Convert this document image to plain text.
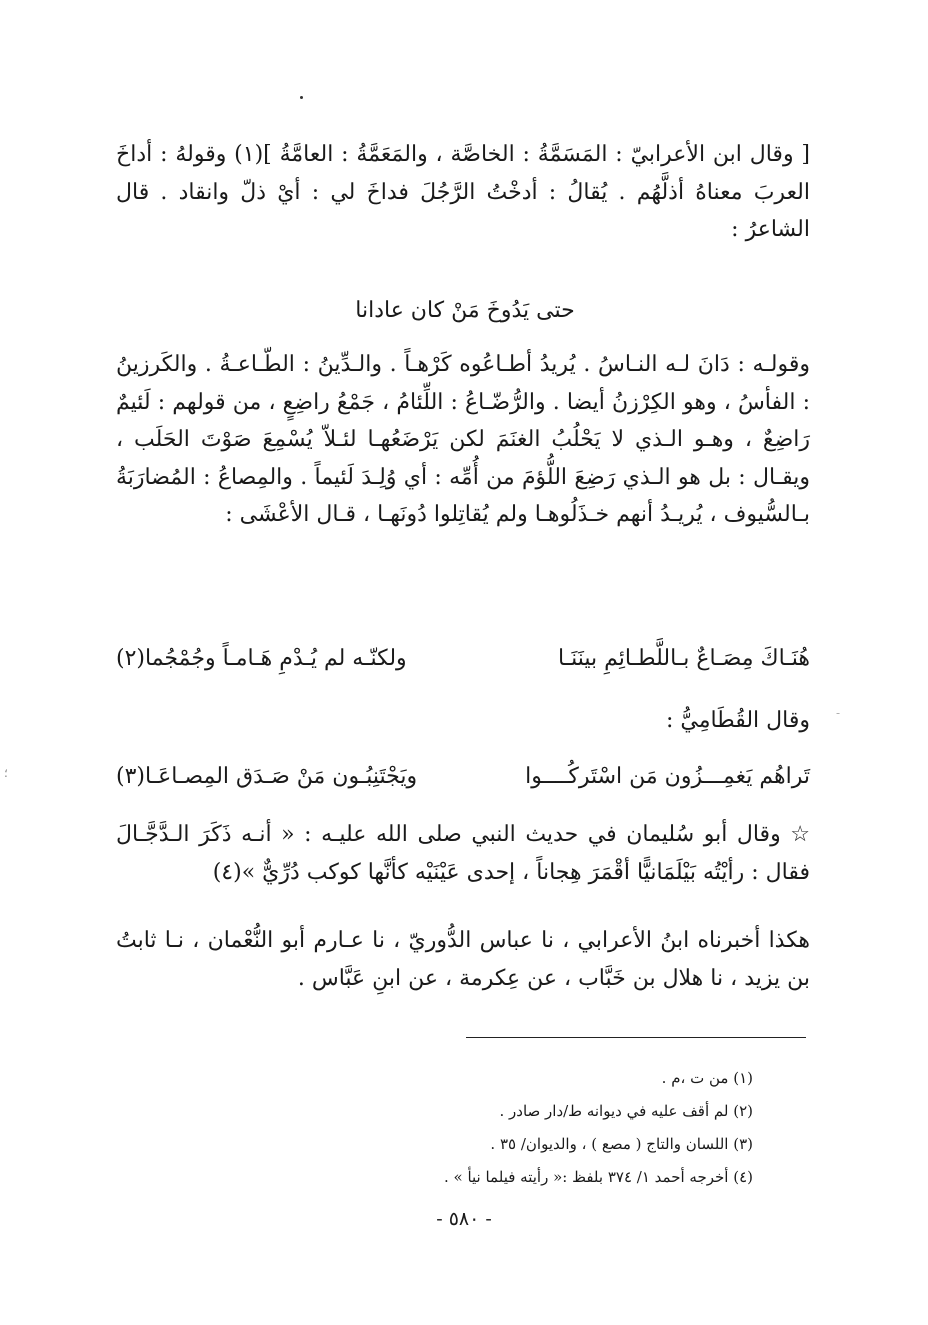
[ وقال ابن الأعرابيّ : المَسَمَّةُ : الخاصَّة ، والمَعَمَّةُ : العامَّةُ ](١) وقولهُ : أداخَ العربَ معناهُ أذلَّهُم . يُقالُ : أدخْتُ الرَّجُلَ فداخَ لي : أيْ ذلّ وانقاد . قال الشاعرُ :

حتى يَدُوخَ مَنْ كان عادانا

وقولـه : دَانَ لـه النـاسُ . يُريدُ أطـاعُوه كَرْهـاً . والـدِّينُ : الطّـاعـةُ . والكَرزينُ : الفأسُ ، وهو الكِرْزنُ أيضا . والرُّضّـاعُ : اللِّئامُ ، جَمْعُ راضِعٍ ، من قولهم : لَئيمٌ رَاضِعٌ ، وهـو الـذي لا يَحْلُبُ الغنَمَ لكن يَرْضَعُهـا لئـلاّ يُسْمِعَ صَوْتَ الحَلَب ، ويقـال : بل هو الـذي رَضِعَ اللُّؤمَ من أُمِّه : أي وُلِـدَ لَئيماً . والمِصاعُ : المُضارَبَةُ بـالسُّيوف ، يُريـدُ أنهم خـذَلُوهـا ولم يُقاتِلوا دُونَهـا ، قـال الأعْشَى :

هُنَـاكَ مِصَـاعٌ بـاللَّطـائِمِ بينَنَـا
ولكنّـه لم يُـدْمِ هَـامـاً وجُمْجُما(٢)
وقال القُطَامِيُّ :
تَراهُم يَغمِـــزُون مَن اسْتَركُــــوا
ويَجْتَنِبُـون مَنْ صَـدَق المِصـاعَـا(٣)

☆ وقال أبو سُليمان في حديث النبي صلى الله عليـه : « أنـه ذَكَرَ الـدَّجَّـالَ فقال : رأيْتُه بَيْلَمَانيًّا أقْمَرَ هِجاناً ، إحدى عَيْنَيْه كأنَّها كوكب دُرِّيٌّ »(٤)

هكذا أخبرناه ابنُ الأعرابي ، نا عباس الدُّوريّ ، نا عـارم أبو النُّعْمان ، نـا ثابتُ بن يزيد ، نا هلال بن خَبَّاب ، عن عِكرمة ، عن ابنِ عَبَّاس .

(١) من ت ،م .
(٢) لم أقف عليه في ديوانه ط/دار صادر .
(٣) اللسان والتاج ( مصع ) ، والديوان/ ٣٥ .
(٤) أخرجه أحمد ١/ ٣٧٤ بلفظ :« رأيته فيلما نيأ » .
- ٥٨٠ -
؛
-
